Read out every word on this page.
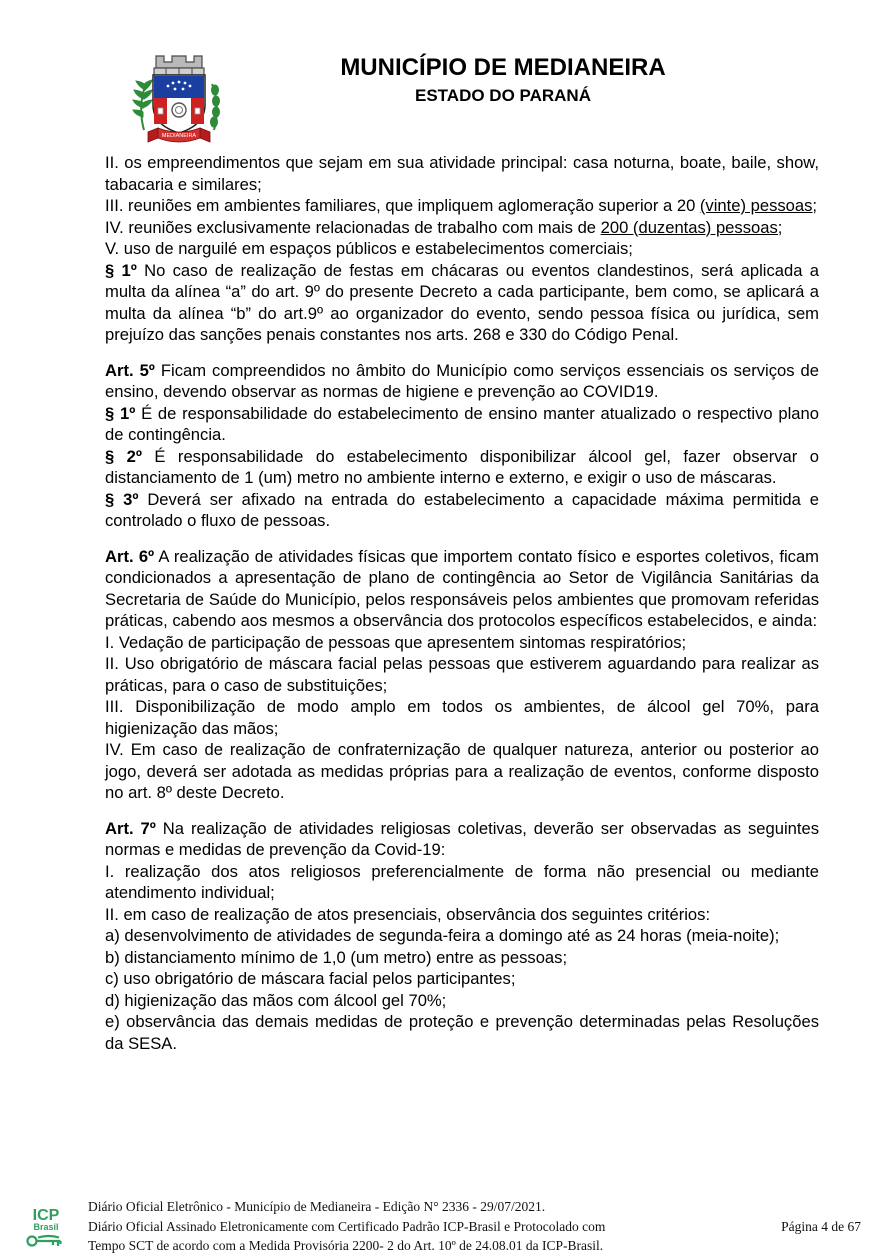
MEDIANEIRA
MUNICÍPIO DE MEDIANEIRA
ESTADO DO PARANÁ

II. os empreendimentos que sejam em sua atividade principal: casa noturna, boate, baile, show, tabacaria e similares;

III. reuniões em ambientes familiares, que impliquem aglomeração superior a 20 (vinte) pessoas;

IV. reuniões exclusivamente relacionadas de trabalho com mais de 200 (duzentas) pessoas;

V. uso de narguilé em espaços públicos e estabelecimentos comerciais;

§ 1º No caso de realização de festas em chácaras ou eventos clandestinos, será aplicada a multa da alínea “a” do art. 9º do presente Decreto a cada participante, bem como, se aplicará a multa da alínea “b” do art.9º ao organizador do evento, sendo pessoa física ou jurídica, sem prejuízo das sanções penais constantes nos arts. 268 e 330 do Código Penal.

Art. 5º Ficam compreendidos no âmbito do Município como serviços essenciais os serviços de ensino, devendo observar as normas de higiene e prevenção ao COVID19.

§ 1º É de responsabilidade do estabelecimento de ensino manter atualizado o respectivo plano de contingência.

§ 2º É responsabilidade do estabelecimento disponibilizar álcool gel, fazer observar o distanciamento de 1 (um) metro no ambiente interno e externo, e exigir o uso de máscaras.

§ 3º Deverá ser afixado na entrada do estabelecimento a capacidade máxima permitida e controlado o fluxo de pessoas.

Art. 6º A realização de atividades físicas que importem contato físico e esportes coletivos, ficam condicionados a apresentação de plano de contingência ao Setor de Vigilância Sanitárias da Secretaria de Saúde do Município, pelos responsáveis pelos ambientes que promovam referidas práticas, cabendo aos mesmos a observância dos protocolos específicos estabelecidos, e ainda:

I. Vedação de participação de pessoas que apresentem sintomas respiratórios;

II. Uso obrigatório de máscara facial pelas pessoas que estiverem aguardando para realizar as práticas, para o caso de substituições;

III. Disponibilização de modo amplo em todos os ambientes, de álcool gel 70%, para higienização das mãos;

IV. Em caso de realização de confraternização de qualquer natureza, anterior ou posterior ao jogo, deverá ser adotada as medidas próprias para a realização de eventos, conforme disposto no art. 8º deste Decreto.

Art. 7º Na realização de atividades religiosas coletivas, deverão ser observadas as seguintes normas e medidas de prevenção da Covid-19:

I. realização dos atos religiosos preferencialmente de forma não presencial ou mediante atendimento individual;

II. em caso de realização de atos presenciais, observância dos seguintes critérios:

a) desenvolvimento de atividades de segunda-feira a domingo até as 24 horas (meia-noite);

b) distanciamento mínimo de 1,0 (um metro) entre as pessoas;

c) uso obrigatório de máscara facial pelos participantes;

d) higienização das mãos com álcool gel 70%;

e) observância das demais medidas de proteção e prevenção determinadas pelas Resoluções da SESA.

ICP
Brasil
Diário Oficial Eletrônico - Município de Medianeira - Edição N° 2336 - 29/07/2021.
Diário Oficial Assinado Eletronicamente com Certificado Padrão ICP-Brasil e Protocolado com
Tempo SCT de acordo com a Medida Provisória 2200- 2 do Art. 10º de 24.08.01 da ICP-Brasil.
Página 4 de 67
